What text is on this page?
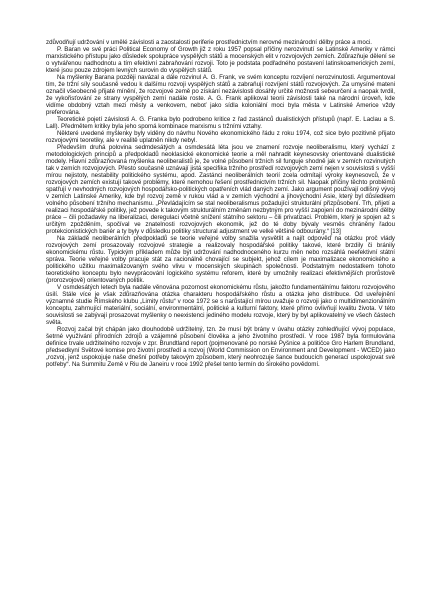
zdůvodňují udržování v umělé závislosti a zaostalosti periferie prostřednictvím nerovné mezinárodní dělby práce a moci.

P. Baran ve své práci Political Economy of Growth již z roku 1957 popsal příčiny nerozvinutí se Latinské Ameriky v rámci marxistického přístupu jako důsledek spolupráce vyspělých států a mocenských elit v rozvojových zemích. Zdůrazňuje dělení se o vytvářenou nadhodnotu a tím efektivní zabraňování rozvoji. Toto je podstata podřadného postavení latinskoamerických zemí, které jsou pouze zdrojem levných surovin do vyspělých států.

Na myšlenky Barana později navázal a dále rozvinul A. G. Frank, ve svém konceptu rozvíjení nerozvinutosti. Argumentoval tím, že tržní síly současně vedou k dalšímu rozvoji vyspělých států a zabraňují rozvíjení států rozvojových. Za umysíné mateni označil všeobecně přijaté mínění, že rozvojové země po získání nezávislosti dosáhly určité možnosti sebeurčení a naopak tvrdil, že vykořisťování ze strany vyspělých zemí nadále roste. A. G. Frank aplikoval teorii závislosti také na národní úroveň, kde vidíme obdobný vztah mezi městy a venkovem, neboť jako sídla koloniální moci byla města v Latinské Americe vždy preferována.

Teoretické pojetí závislosti A. G. Franka bylo podrobeno kritice z řad zastánců dualistických přístupů (např. E. Laclau a S. Lall). Předmětem kritiky byla jeho spomá kombinace marxismu s tržními vztahy.

Některé uvedené myšlenky byly viděny do návrhu Nového ekonomického řádu z roku 1974, což sice bylo pozitivně přijato rozvojovými teoretiky, ale v realitě uplatněn nikdy nebyl.

Především druhá polovina sedmdesátých a osmdesátá léta jsou ve znamení rozvoje neoliberalismu, který vychází z metodologických principů a předpokladů neoklasické ekonomické teorie a měl nahradit keynesovsky orientované dualistické modely. Hlavní zdůrazňovaná myšlenka neoliberalistů je, že volné působení tržních sil funguje shodně jak v zemích rozvinutých tak v zemích rozvojových. Přesto současně uznávají jistá specifika tržního prostředí rozvojových zemí nejen v souvislosti s vyšší mírou nejistoty, nestability politického systému, apod. Zastánci neoliberálních teorií zcela odmítají výroky keynesovců, že v rozvojových zemích existují takové problémy, které nemohou řešení prostřednictvím tržních sil. Naopak příčiny těchto problémů spatřují v nevhodných rozvojových hospodářsko-politických opatřeních vlád daných zemí. Jako argument používají odlišný vývoj v zemích Latinské Ameriky, kde byl rozvoj země v rukou vlád a v zemích východní a jihovýchodní Asie, který byl důsledkem volného působení tržního mechanismu. „Převládajícím se stal neoliberalismus požadující strukturální přizpůsobení. Trh, přijetí a realizaci hospodářské politiky, jež povede k takovým strukturálním změnám nezbytným pro vyšší zapojení do mezinárodní dělby práce – čili požadavky na liberalizaci, deregulaci včetně snížení státního sektoru – čili privatizaci. Problém, který je spojen až s určitým zpožděním, spočíval ve znatelnosti rozvojových ekonomik, jež do té doby bývaly vesměs chráněny řadou protekcionistických bariér a ty byly v důsledku politiky structural adjustment ve velké většině odbourány.“ [13]

Na základě neoliberálních předpokladů se teorie veřejné volby snažila vysvětlit a najít odpověď na otázku proč vlády rozvojových zemí prosazovaly rozvojové strategie a realizovaly hospodářské politiky takové, které brzdily či bránily ekonomickému růstu. Typickým příkladem může být udržování nadhodnoceného kurzu měn nebo rozsáhlá neefektivní státní správa. Teorie veřejné volby pracuje stát za racionálně chovající se subjekt, jehož cílem je maximalizace ekonomického a politického užitku maximalizovaným svého vlivu v mocenských skupinách společnosti. Podstatným nedostatkem tohoto teoretického konceptu bylo nevyprácování logického systému reforem, které by umožnily realizaci efektivnějších prorůstově (prorozvojově) orientovaných politik.

V osmdesátých letech byla nadále věnována pozornost ekonomickému růstu, jakožto fundamentálnímu faktoru rozvojového úsilí. Stále více je však zdůrazňována otázka charakteru hospodářského růstu a otázka jeho distribuce. Od uveřejnění významné studie Římského klubu „Limity růstu“ v roce 1972 se s narůstající mírou uvažuje o rozvoji jako o multidimenzionálním konceptu, zahrnující materiální, sociální, environmentální, politické a kulturní faktory, které přímo ovlivňují kvalitu života. V této souvislosti se zabývají prosazovat myšlenky o neexistenci jediného modelu rozvoje, který by byl aplikovatelný ve všech částech světa.

Rozvoj začal být chápán jako dlouhodobě udržitelný, tzn. že musí být brány v úvahu otázky zohledňující vývoj populace, šetrné využívání přírodních zdrojů a vzájemné působení člověka a jeho životního prostředí. V roce 1987 byla formulována definice trvale udržitelného rozvoje v zpr. Brundtland report (pojmenované po norské Pyšnice a političce Gro Harlem Brundland, předsedkyní Světové komise pro životní prostředí a rozvoj (World Commission on Environment and Development - WCED) jako „rozvoj, jenž uspokojuje naše dnešní potřeby takovým způsobem, který neohrozuje šance budoucích generací uspokojovat své potřeby“. Na Summitu Země v Riu de Janeiru v roce 1992 přešel tento termín do širokého povědomí.
